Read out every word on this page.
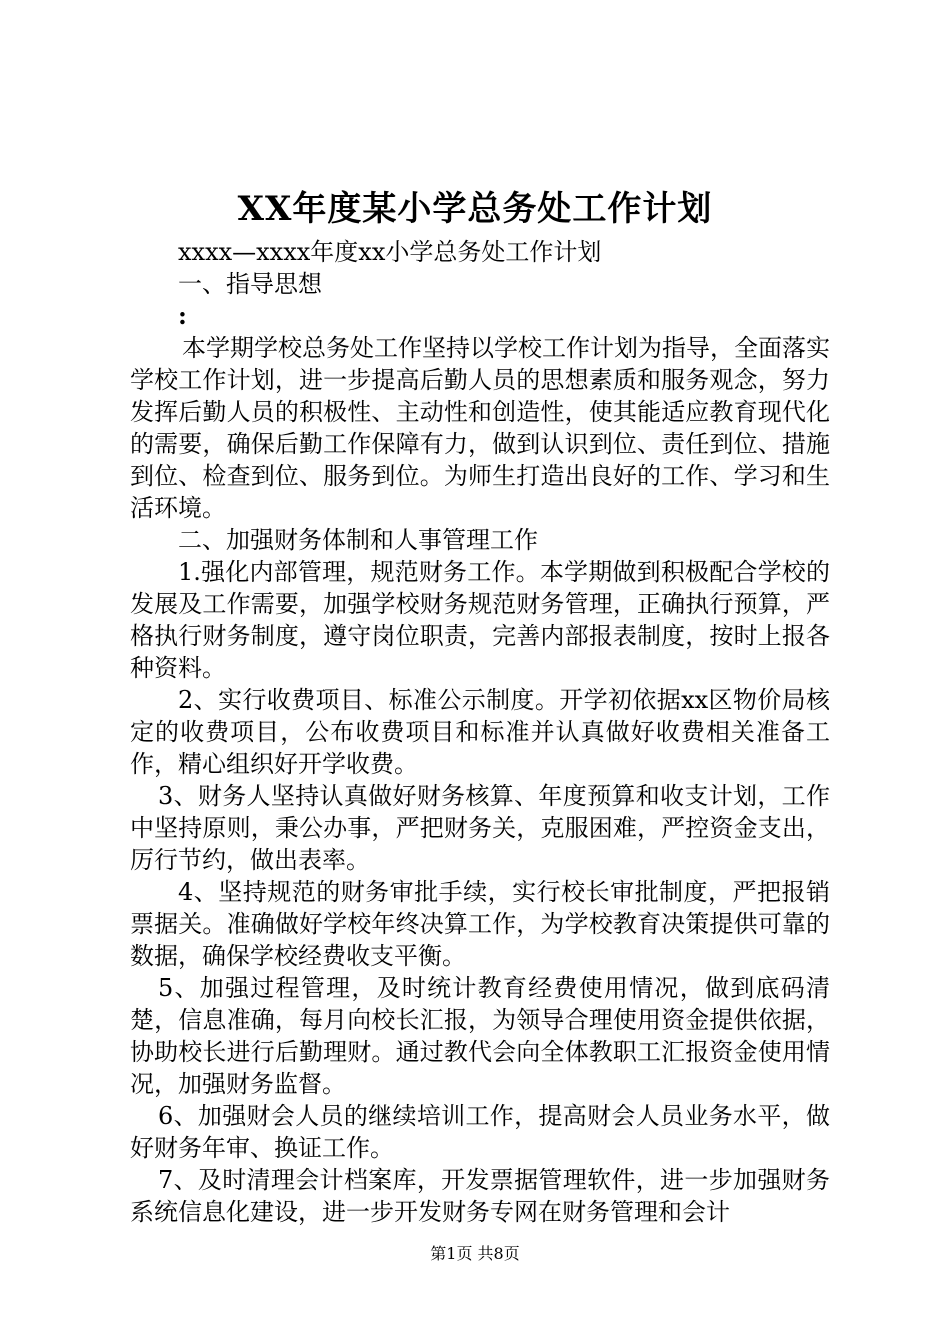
XX年度某小学总务处工作计划

xxxx—xxxx年度xx小学总务处工作计划

一、指导思想

:

本学期学校总务处工作坚持以学校工作计划为指导，全面落实学校工作计划，进一步提高后勤人员的思想素质和服务观念，努力发挥后勤人员的积极性、主动性和创造性，使其能适应教育现代化的需要，确保后勤工作保障有力，做到认识到位、责任到位、措施到位、检查到位、服务到位。为师生打造出良好的工作、学习和生活环境。

二、加强财务体制和人事管理工作

1.强化内部管理，规范财务工作。本学期做到积极配合学校的发展及工作需要，加强学校财务规范财务管理，正确执行预算，严格执行财务制度，遵守岗位职责，完善内部报表制度，按时上报各种资料。

2、实行收费项目、标准公示制度。开学初依据xx区物价局核定的收费项目，公布收费项目和标准并认真做好收费相关准备工作，精心组织好开学收费。

3、财务人坚持认真做好财务核算、年度预算和收支计划，工作中坚持原则，秉公办事，严把财务关，克服困难，严控资金支出，厉行节约，做出表率。

4、坚持规范的财务审批手续，实行校长审批制度，严把报销票据关。准确做好学校年终决算工作，为学校教育决策提供可靠的数据，确保学校经费收支平衡。

5、加强过程管理，及时统计教育经费使用情况，做到底码清楚，信息准确，每月向校长汇报，为领导合理使用资金提供依据，协助校长进行后勤理财。通过教代会向全体教职工汇报资金使用情况，加强财务监督。

6、加强财会人员的继续培训工作，提高财会人员业务水平，做好财务年审、换证工作。

7、及时清理会计档案库，开发票据管理软件，进一步加强财务系统信息化建设，进一步开发财务专网在财务管理和会计

第1页 共8页
